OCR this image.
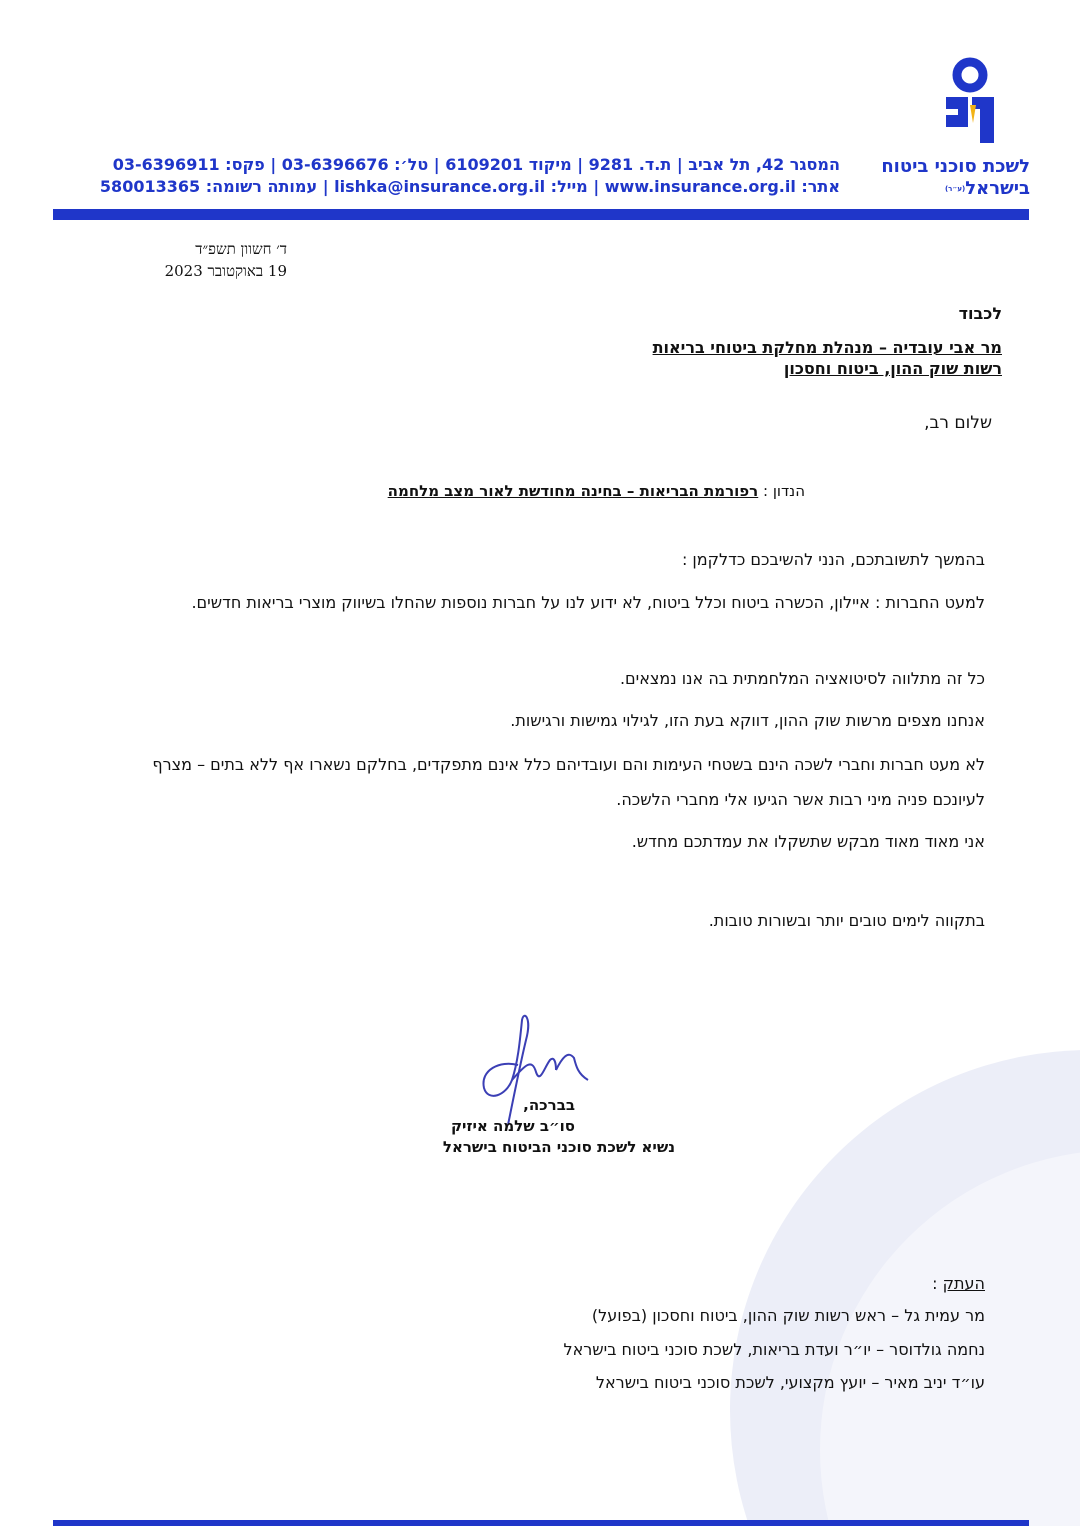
לשכת סוכני ביטוח
בישראל(ע״ר)
המסגר 42, תל אביב | ת.ד. 9281 | מיקוד 6109201 | טל׳: 03-6396676 | פקס: 03-6396911
אתר: www.insurance.org.il | מייל: lishka@insurance.org.il | עמותה רשומה: 580013365
ד׳ חשוון תשפ״ד
19 באוקטובר 2023
לכבוד
מר אבי עובדיה – מנהלת מחלקת ביטוחי בריאות
רשות שוק ההון, ביטוח וחסכון
שלום רב,
הנדון : רפורמת הבריאות – בחינה מחודשת לאור מצב מלחמה
בהמשך לתשובתכם, הנני להשיבכם כדלקמן :
למעט החברות : איילון, הכשרה ביטוח וכלל ביטוח, לא ידוע לנו על חברות נוספות שהחלו בשיווק מוצרי בריאות חדשים.
כל זה מתלווה לסיטואציה המלחמתית בה אנו נמצאים.
אנחנו מצפים מרשות שוק ההון, דווקא בעת הזו, לגילוי גמישות ורגישות.
לא מעט חברות וחברי לשכה הינם בשטחי העימות והם ועובדיהם כלל אינם מתפקדים, בחלקם נשארו אף ללא בתים – מצרף לעיונכם פניה מיני רבות אשר הגיעו אלי מחברי הלשכה.
אני מאוד מאוד מבקש שתשקלו את עמדתכם מחדש.
בתקווה לימים טובים יותר ובשורות טובות.
בברכה,
סו״ב שלמה איזיק
נשיא לשכת סוכני הביטוח בישראל
העתק :
מר עמית גל – ראש רשות שוק ההון, ביטוח וחסכון (בפועל)
נחמה גולדוסר – יו״ר ועדת בריאות, לשכת סוכני ביטוח בישראל
עו״ד יניב מאיר – יועץ מקצועי, לשכת סוכני ביטוח בישראל
